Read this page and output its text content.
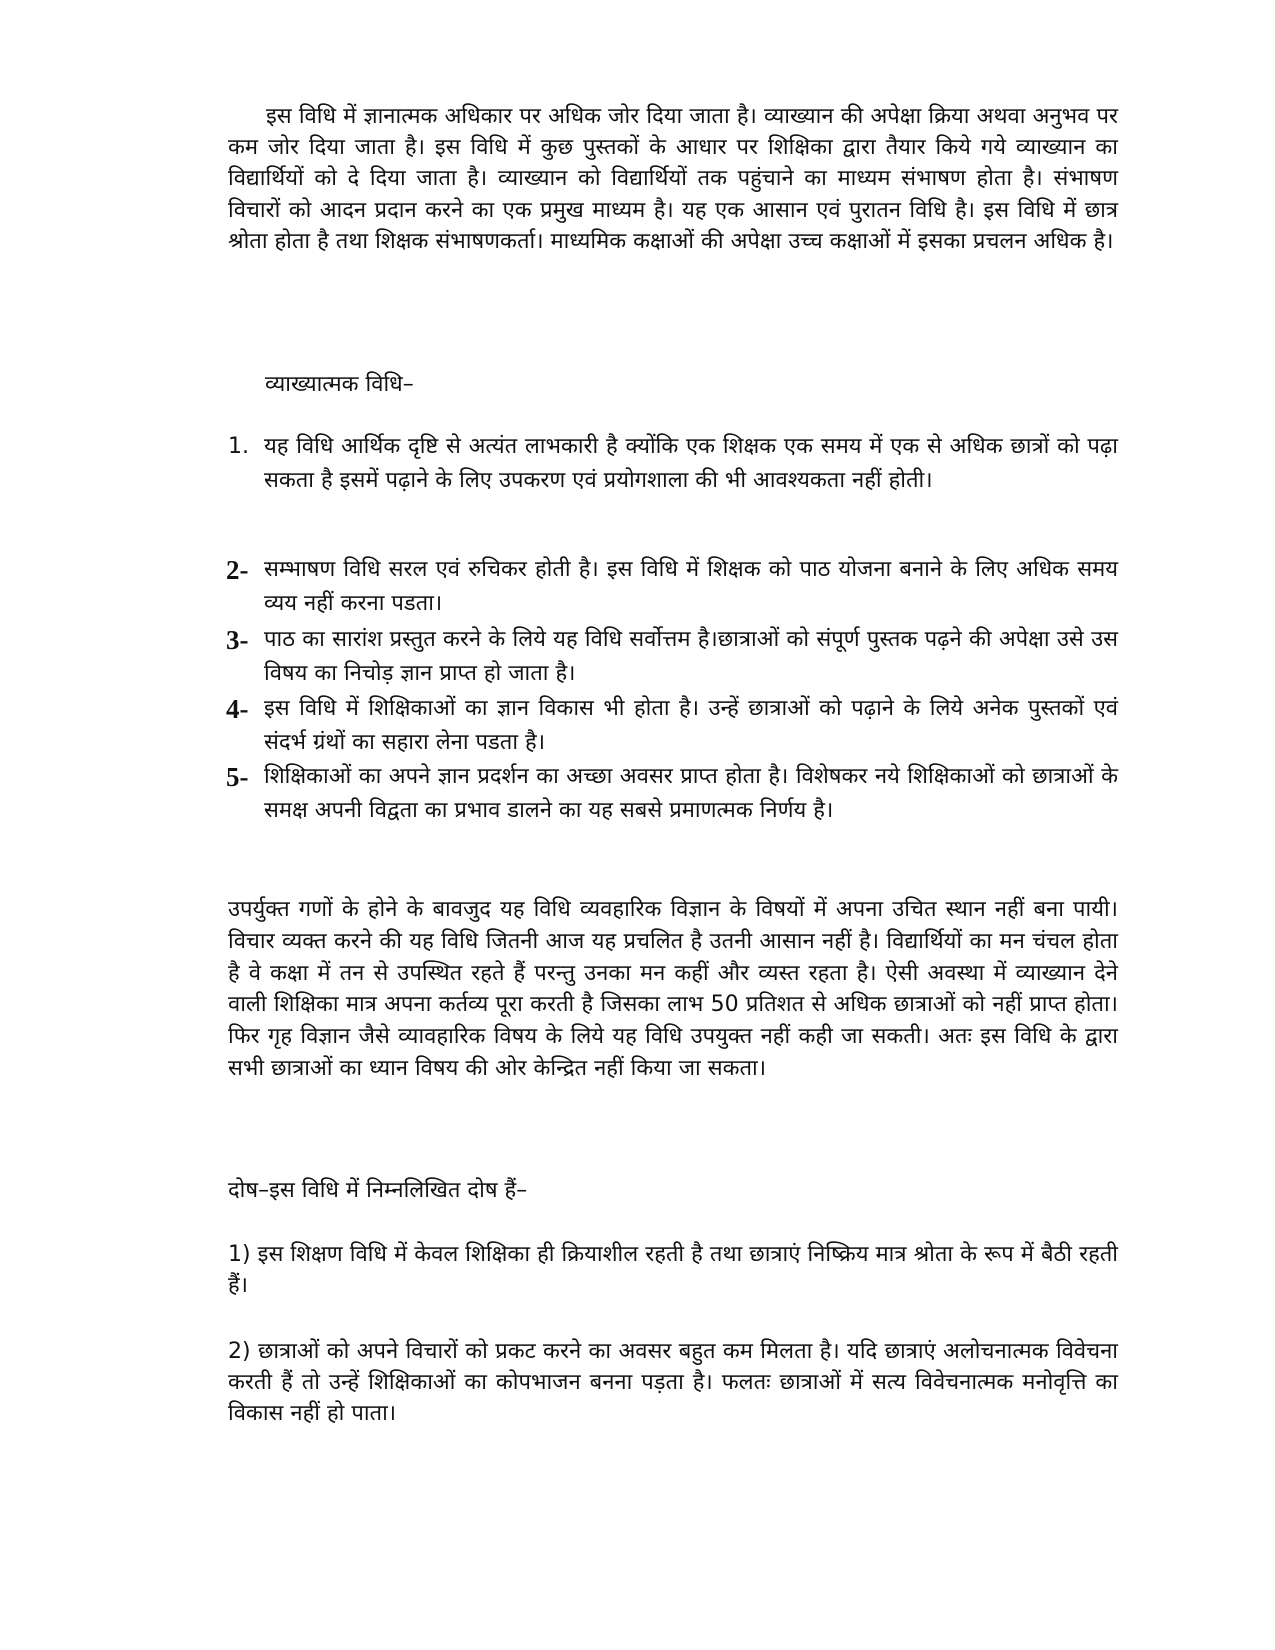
इस विधि में ज्ञानात्मक अधिकार पर अधिक जोर दिया जाता है। व्याख्यान की अपेक्षा क्रिया अथवा अनुभव पर कम जोर दिया जाता है। इस विधि में कुछ पुस्तकों के आधार पर शिक्षिका द्वारा तैयार किये गये व्याख्यान का विद्यार्थियों को दे दिया जाता है। व्याख्यान को विद्यार्थियों तक पहुंचाने का माध्यम संभाषण होता है। संभाषण विचारों को आदन प्रदान करने का एक प्रमुख माध्यम है। यह एक आसान एवं पुरातन विधि है। इस विधि में छात्र श्रोता होता है तथा शिक्षक संभाषणकर्ता। माध्यमिक कक्षाओं की अपेक्षा उच्च कक्षाओं में इसका प्रचलन अधिक है।

व्याख्यात्मक विधि–

1. यह विधि आर्थिक दृष्टि से अत्यंत लाभकारी है क्योंकि एक शिक्षक एक समय में एक से अधिक छात्रों को पढ़ा सकता है इसमें पढ़ाने के लिए उपकरण एवं प्रयोगशाला की भी आवश्यकता नहीं होती।

2- सम्भाषण विधि सरल एवं रुचिकर होती है। इस विधि में शिक्षक को पाठ योजना बनाने के लिए अधिक समय व्यय नहीं करना पडता।

3- पाठ का सारांश प्रस्तुत करने के लिये यह विधि सर्वोत्तम है।छात्राओं को संपूर्ण पुस्तक पढ़ने की अपेक्षा उसे उस विषय का निचोड़ ज्ञान प्राप्त हो जाता है।

4- इस विधि में शिक्षिकाओं का ज्ञान विकास भी होता है। उन्हें छात्राओं को पढ़ाने के लिये अनेक पुस्तकों एवं संदर्भ ग्रंथों का सहारा लेना पडता है।

5- शिक्षिकाओं का अपने ज्ञान प्रदर्शन का अच्छा अवसर प्राप्त होता है। विशेषकर नये शिक्षिकाओं को छात्राओं के समक्ष अपनी विद्वता का प्रभाव डालने का यह सबसे प्रमाणत्मक निर्णय है।

उपर्युक्त गणों के होने के बावजुद यह विधि व्यवहारिक विज्ञान के विषयों में अपना उचित स्थान नहीं बना पायी। विचार व्यक्त करने की यह विधि जितनी आज यह प्रचलित है उतनी आसान नहीं है। विद्यार्थियों का मन चंचल होता है वे कक्षा में तन से उपस्थित रहते हैं परन्तु उनका मन कहीं और व्यस्त रहता है। ऐसी अवस्था में व्याख्यान देने वाली शिक्षिका मात्र अपना कर्तव्य पूरा करती है जिसका लाभ 50 प्रतिशत से अधिक छात्राओं को नहीं प्राप्त होता। फिर गृह विज्ञान जैसे व्यावहारिक विषय के लिये यह विधि उपयुक्त नहीं कही जा सकती। अतः इस विधि के द्वारा सभी छात्राओं का ध्यान विषय की ओर केन्द्रित नहीं किया जा सकता।

दोष–इस विधि में निम्नलिखित दोष हैं–

1) इस शिक्षण विधि में केवल शिक्षिका ही क्रियाशील रहती है तथा छात्राएं निष्क्रिय मात्र श्रोता के रूप में बैठी रहती हैं।

2) छात्राओं को अपने विचारों को प्रकट करने का अवसर बहुत कम मिलता है। यदि छात्राएं अलोचनात्मक विवेचना करती हैं तो उन्हें शिक्षिकाओं का कोपभाजन बनना पड़ता है। फलतः छात्राओं में सत्य विवेचनात्मक मनोवृत्ति का विकास नहीं हो पाता।
